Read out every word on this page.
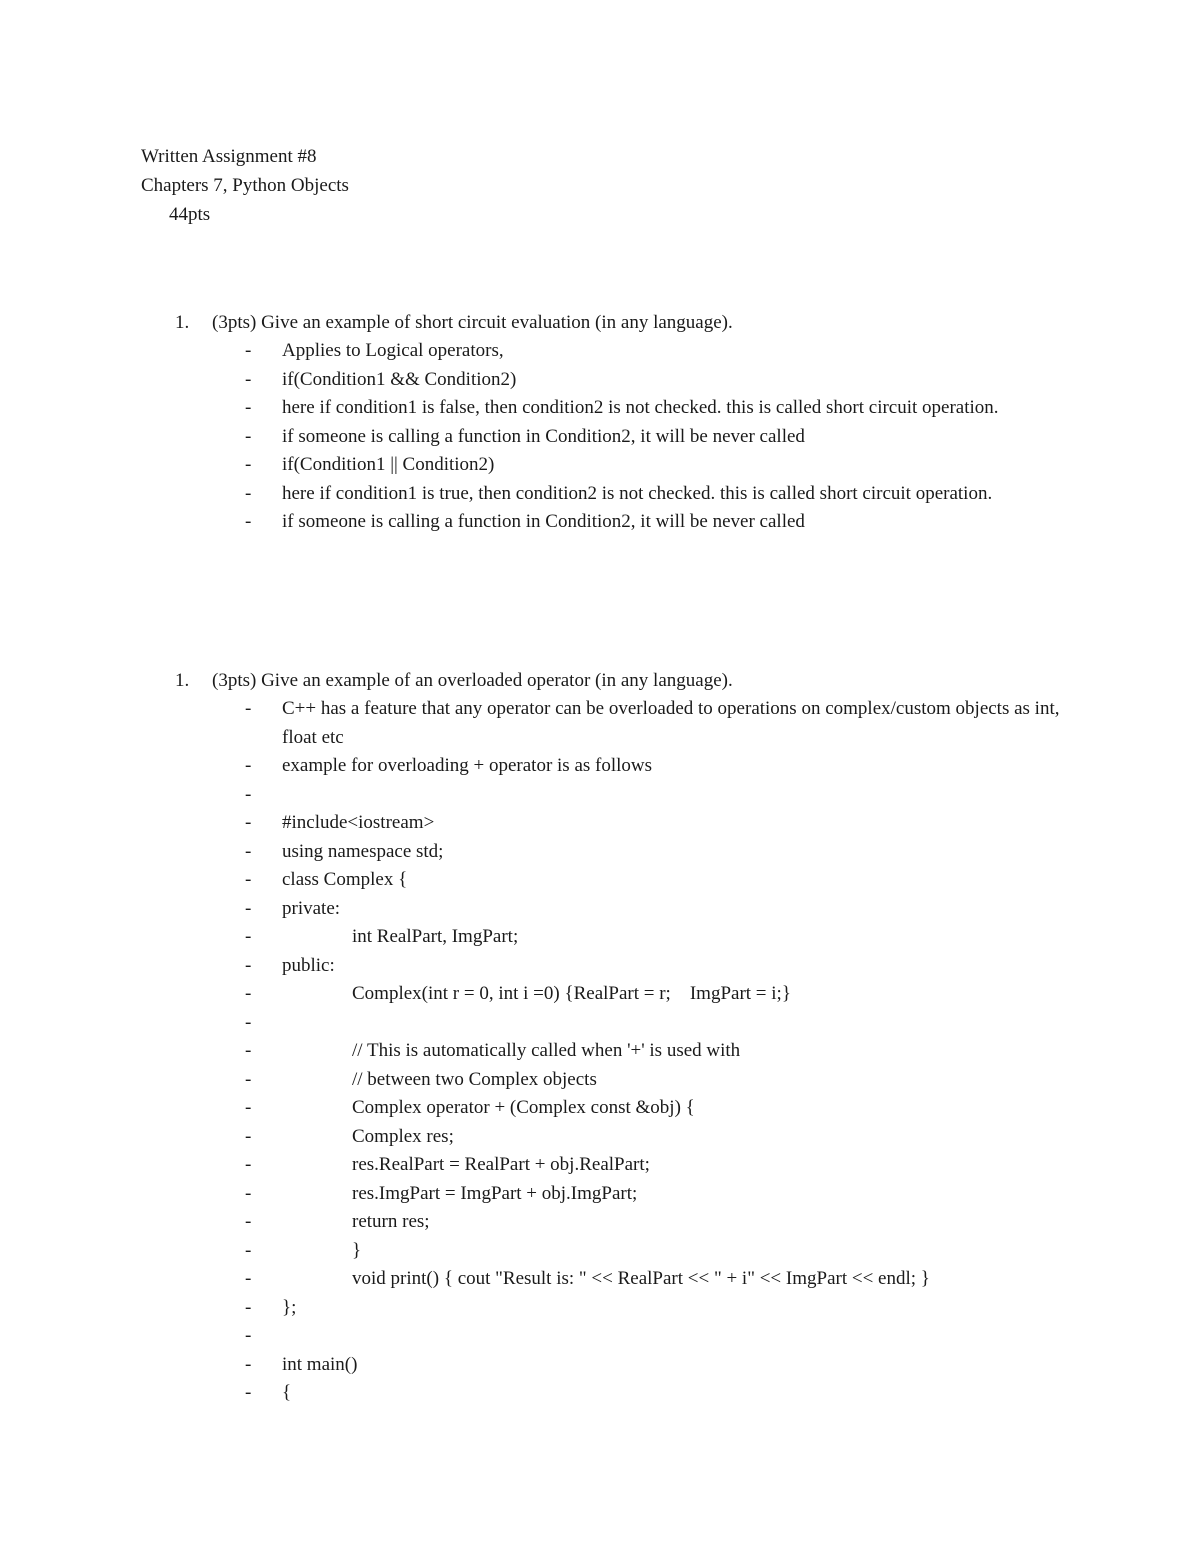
Written Assignment #8
Chapters 7, Python Objects
44pts
1.	(3pts) Give an example of short circuit evaluation (in any language).
- Applies to Logical operators,
- if(Condition1 && Condition2)
- here if condition1 is false, then condition2 is not checked. this is called short circuit operation.
- if someone is calling a function in Condition2, it will be never called
- if(Condition1 || Condition2)
- here if condition1 is true, then condition2 is not checked. this is called short circuit operation.
- if someone is calling a function in Condition2, it will be never called
1.	(3pts) Give an example of an overloaded operator (in any language).
- C++ has a feature that any operator can be overloaded to operations on complex/custom objects as int, float etc
- example for overloading + operator is as follows
-
- #include<iostream>
- using namespace std;
- class Complex {
- private:
-	int RealPart, ImgPart;
- public:
-	Complex(int r = 0, int i =0) {RealPart = r;    ImgPart = i;}
-
-	// This is automatically called when '+' is used with
-	// between two Complex objects
-	Complex operator + (Complex const &obj) {
-	Complex res;
-	res.RealPart = RealPart + obj.RealPart;
-	res.ImgPart = ImgPart + obj.ImgPart;
-	return res;
-	}
-	void print() { cout "Result is: " << RealPart << " + i" << ImgPart << endl; }
- };
-
- int main()
- {
